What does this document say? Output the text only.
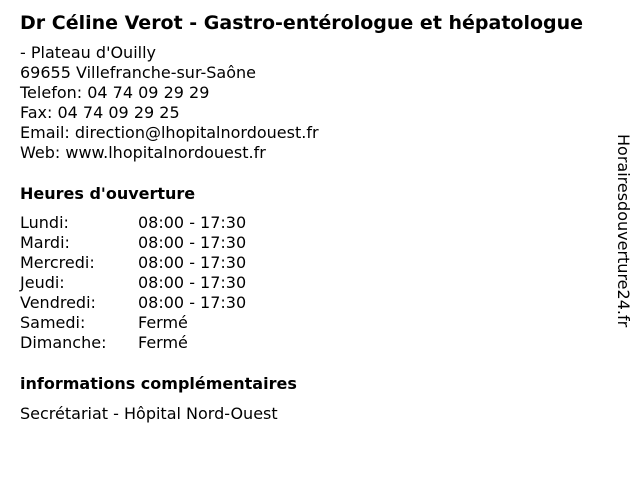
Dr Céline Verot - Gastro-entérologue et hépatologue
- Plateau d'Ouilly
69655 Villefranche-sur-Saône
Telefon: 04 74 09 29 29
Fax: 04 74 09 29 25
Email: direction@lhopitalnordouest.fr
Web: www.lhopitalnordouest.fr
Heures d'ouverture
Lundi:	08:00 - 17:30
Mardi:	08:00 - 17:30
Mercredi:	08:00 - 17:30
Jeudi:	08:00 - 17:30
Vendredi:	08:00 - 17:30
Samedi:	Fermé
Dimanche: Fermé
informations complémentaires
Secrétariat - Hôpital Nord-Ouest
Horairesdouverture24.fr
